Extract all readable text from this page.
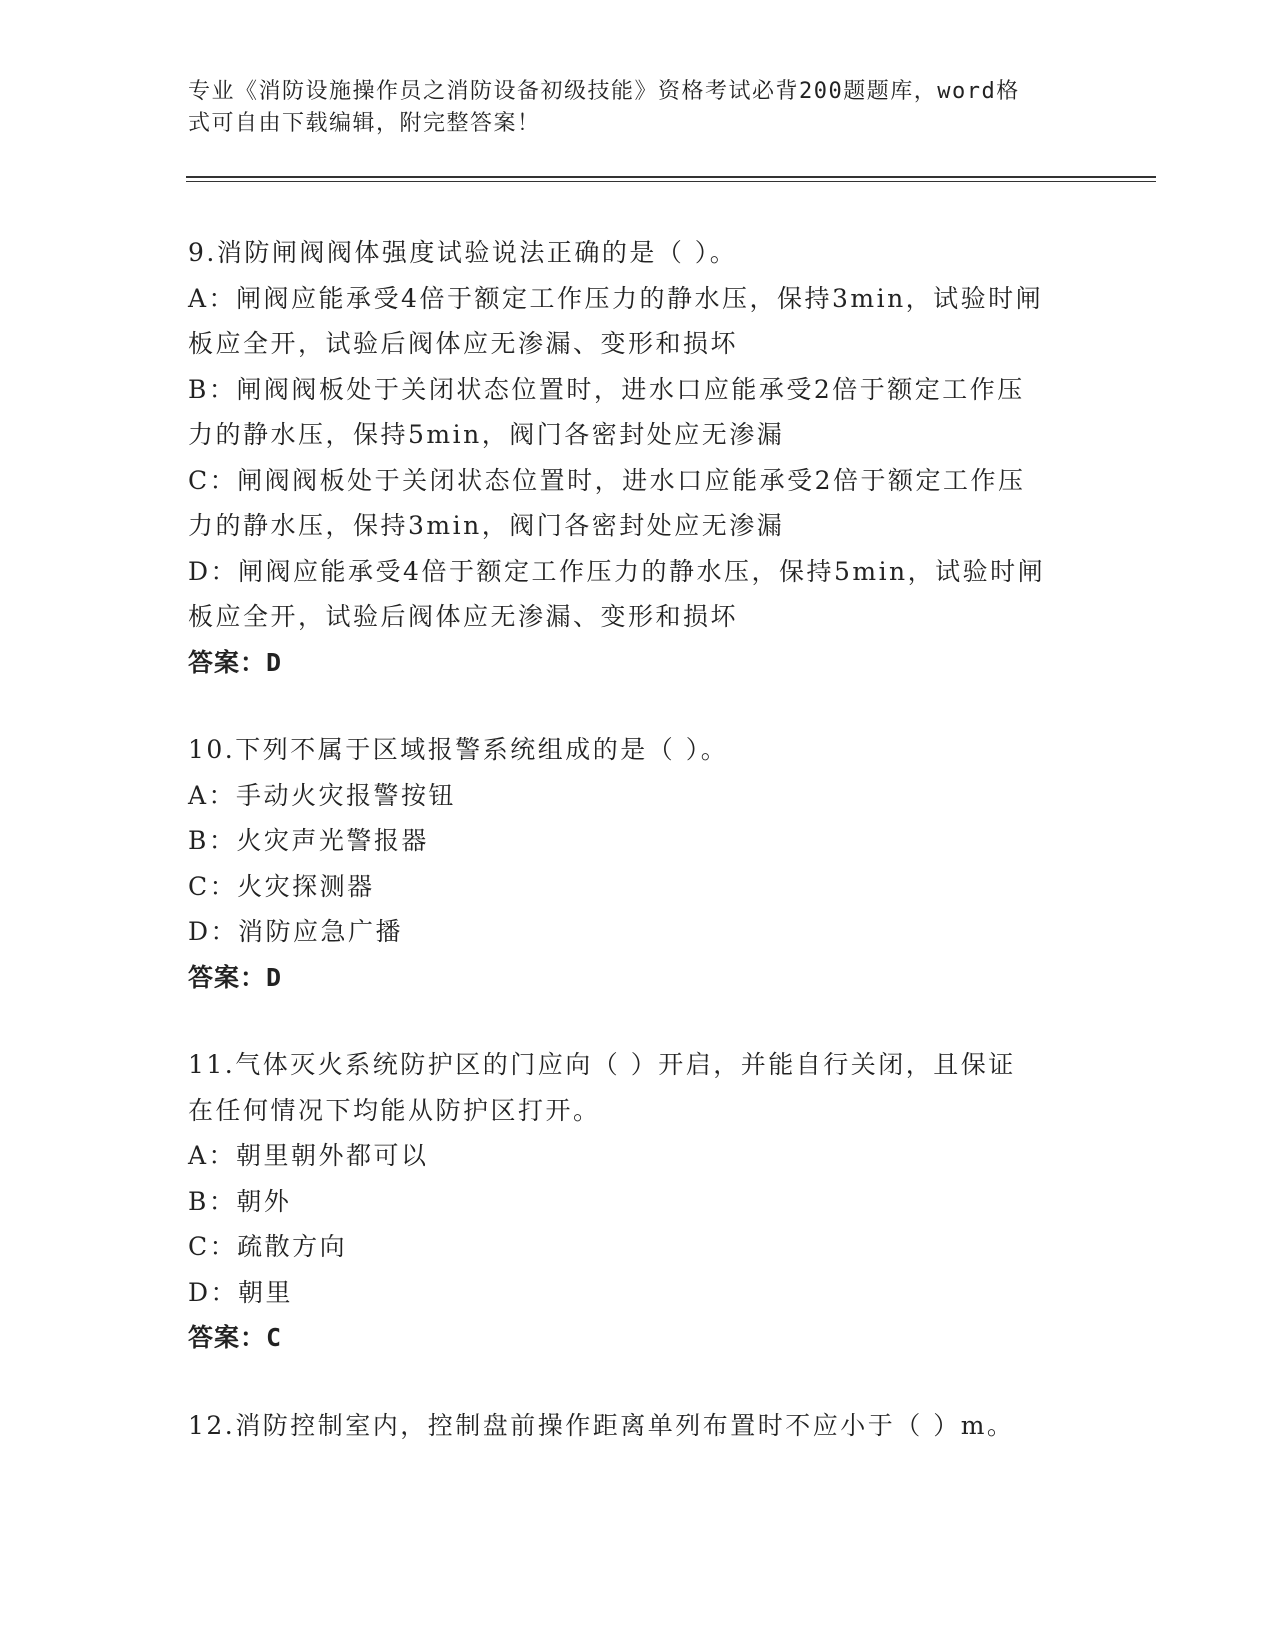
专业《消防设施操作员之消防设备初级技能》资格考试必背200题题库，word格
式可自由下载编辑，附完整答案！
9.消防闸阀阀体强度试验说法正确的是（ ）。
A：闸阀应能承受4倍于额定工作压力的静水压，保持3min，试验时闸
板应全开，试验后阀体应无渗漏、变形和损坏
B：闸阀阀板处于关闭状态位置时，进水口应能承受2倍于额定工作压
力的静水压，保持5min，阀门各密封处应无渗漏
C：闸阀阀板处于关闭状态位置时，进水口应能承受2倍于额定工作压
力的静水压，保持3min，阀门各密封处应无渗漏
D：闸阀应能承受4倍于额定工作压力的静水压，保持5min，试验时闸
板应全开，试验后阀体应无渗漏、变形和损坏
答案：D
10.下列不属于区域报警系统组成的是（ ）。
A：手动火灾报警按钮
B：火灾声光警报器
C：火灾探测器
D：消防应急广播
答案：D
11.气体灭火系统防护区的门应向（ ）开启，并能自行关闭，且保证
在任何情况下均能从防护区打开。
A：朝里朝外都可以
B：朝外
C：疏散方向
D：朝里
答案：C
12.消防控制室内，控制盘前操作距离单列布置时不应小于（ ）m。
